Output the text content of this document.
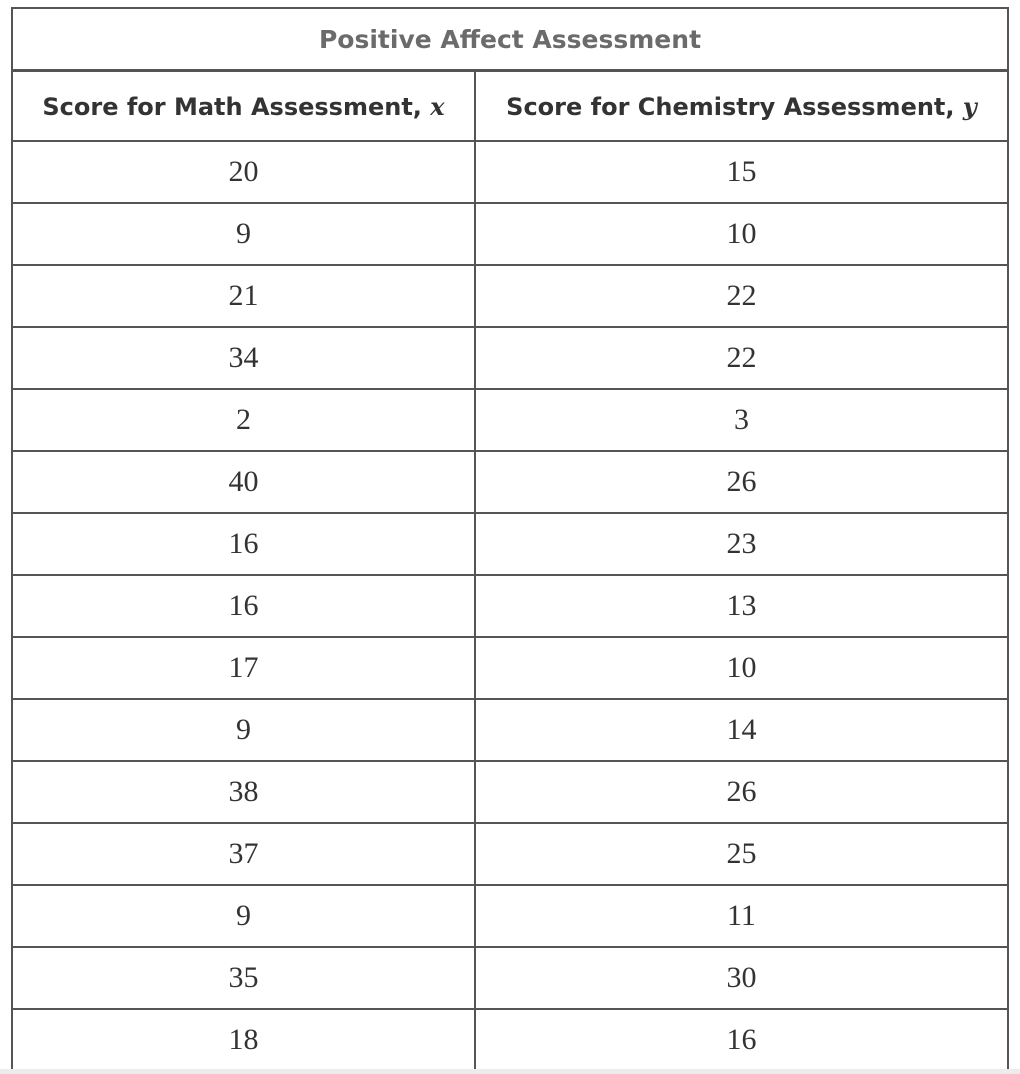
Positive Affect Assessment	
Score for Math Assessment, x	Score for Chemistry Assessment, y
20	15
9	10
21	22
34	22
2	3
40	26
16	23
16	13
17	10
9	14
38	26
37	25
9	11
35	30
18	16
